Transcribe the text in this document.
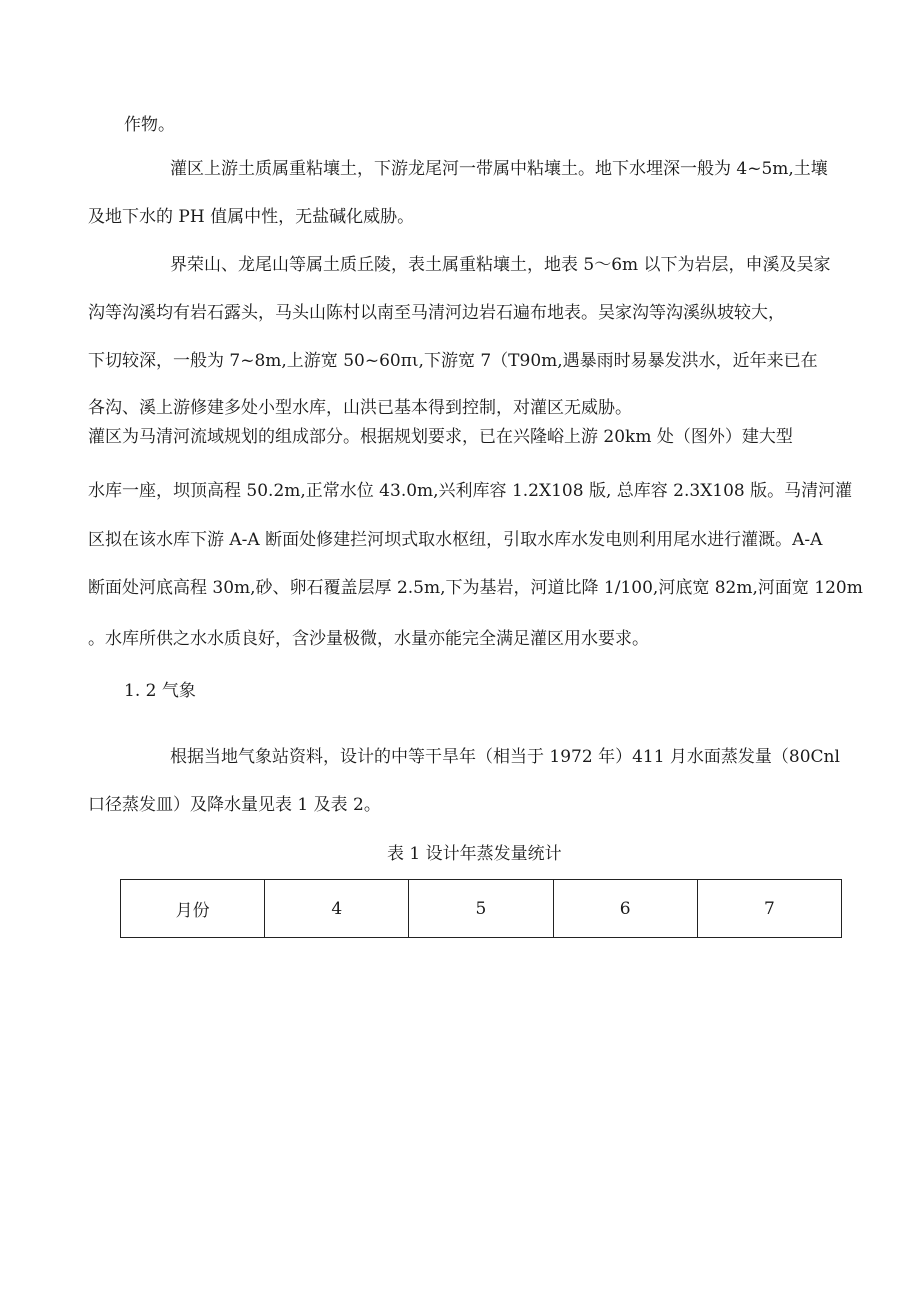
作物。
灌区上游土质属重粘壤土，下游龙尾河一带属中粘壤土。地下水埋深一般为 4~5m,土壤
及地下水的 PH 值属中性，无盐碱化威胁。
界荣山、龙尾山等属土质丘陵，表土属重粘壤土，地表 5～6m 以下为岩层，申溪及吴家
沟等沟溪均有岩石露头，马头山陈村以南至马清河边岩石遍布地表。吴家沟等沟溪纵坡较大，
下切较深，一般为 7~8m,上游宽 50~60πι,下游宽 7（T90m,遇暴雨时易暴发洪水，近年来已在
各沟、溪上游修建多处小型水库，山洪已基本得到控制，对灌区无威胁。
灌区为马清河流域规划的组成部分。根据规划要求，已在兴隆峪上游 20km 处（图外）建大型
水库一座，坝顶高程 50.2m,正常水位 43.0m,兴利库容 1.2X108 版, 总库容 2.3X108 版。马清河灌
区拟在该水库下游 A-A 断面处修建拦河坝式取水枢纽，引取水库水发电则利用尾水进行灌溉。A-A
断面处河底高程 30m,砂、卵石覆盖层厚 2.5m,下为基岩，河道比降 1/100,河底宽 82m,河面宽 120m
。水库所供之水水质良好，含沙量极微，水量亦能完全满足灌区用水要求。
1. 2 气象
根据当地气象站资料，设计的中等干旱年（相当于 1972 年）411 月水面蒸发量（80Cnl
口径蒸发皿）及降水量见表 1 及表 2。
表 1 设计年蒸发量统计
月份	4	5	6	7
